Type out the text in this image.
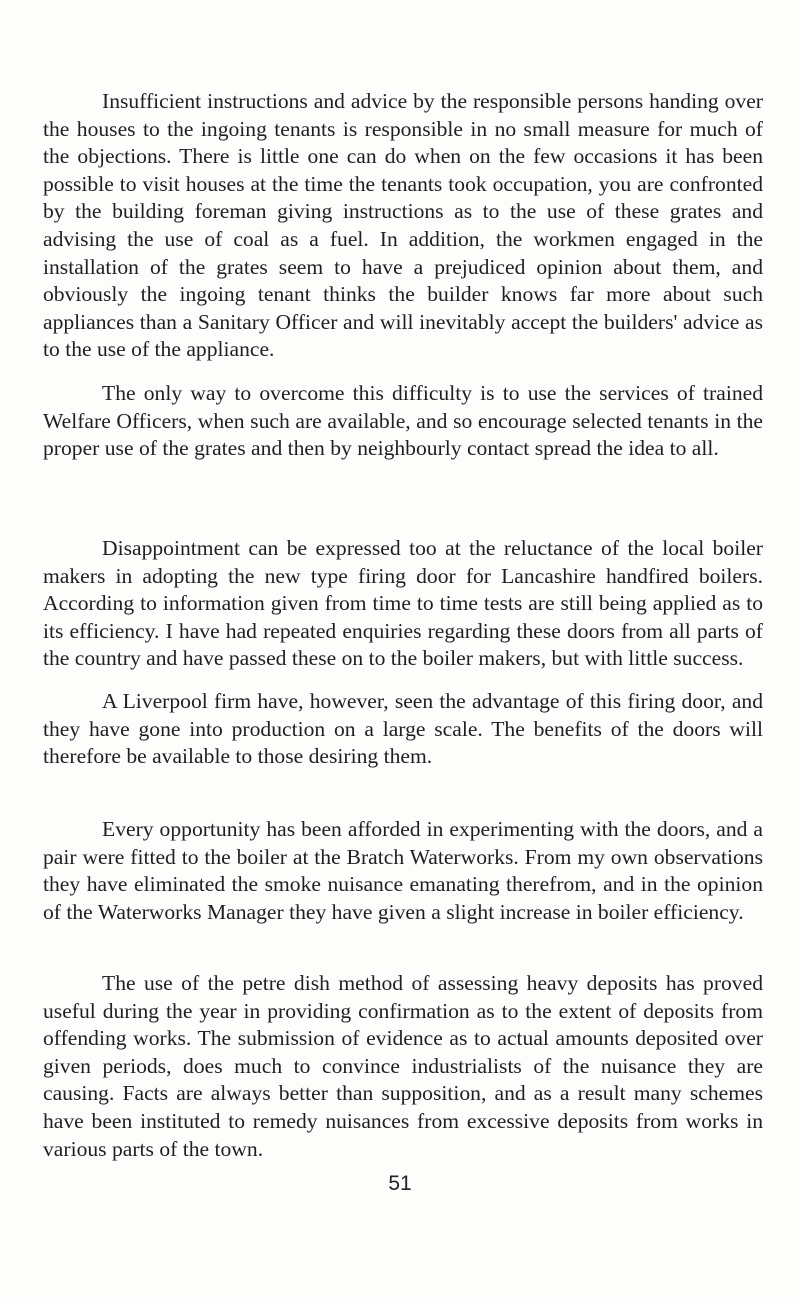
Insufficient instructions and advice by the responsible persons handing over the houses to the ingoing tenants is responsible in no small measure for much of the objections. There is little one can do when on the few occasions it has been possible to visit houses at the time the tenants took occupation, you are confronted by the building foreman giving instructions as to the use of these grates and advising the use of coal as a fuel. In addition, the workmen engaged in the installation of the grates seem to have a prejudiced opinion about them, and obviously the ingoing tenant thinks the builder knows far more about such appliances than a Sanitary Officer and will inevitably accept the builders' advice as to the use of the appliance.

The only way to overcome this difficulty is to use the services of trained Welfare Officers, when such are available, and so encourage selected tenants in the proper use of the grates and then by neighbourly contact spread the idea to all.

Disappointment can be expressed too at the reluctance of the local boiler makers in adopting the new type firing door for Lancashire handfired boilers. According to information given from time to time tests are still being applied as to its efficiency. I have had repeated enquiries regarding these doors from all parts of the country and have passed these on to the boiler makers, but with little success.

A Liverpool firm have, however, seen the advantage of this firing door, and they have gone into production on a large scale. The benefits of the doors will therefore be available to those desiring them.

Every opportunity has been afforded in experimenting with the doors, and a pair were fitted to the boiler at the Bratch Waterworks. From my own observations they have eliminated the smoke nuisance emanating therefrom, and in the opinion of the Waterworks Manager they have given a slight increase in boiler efficiency.

The use of the petre dish method of assessing heavy deposits has proved useful during the year in providing confirmation as to the extent of deposits from offending works. The submission of evidence as to actual amounts deposited over given periods, does much to convince industrialists of the nuisance they are causing. Facts are always better than supposition, and as a result many schemes have been instituted to remedy nuisances from excessive deposits from works in various parts of the town.

51
